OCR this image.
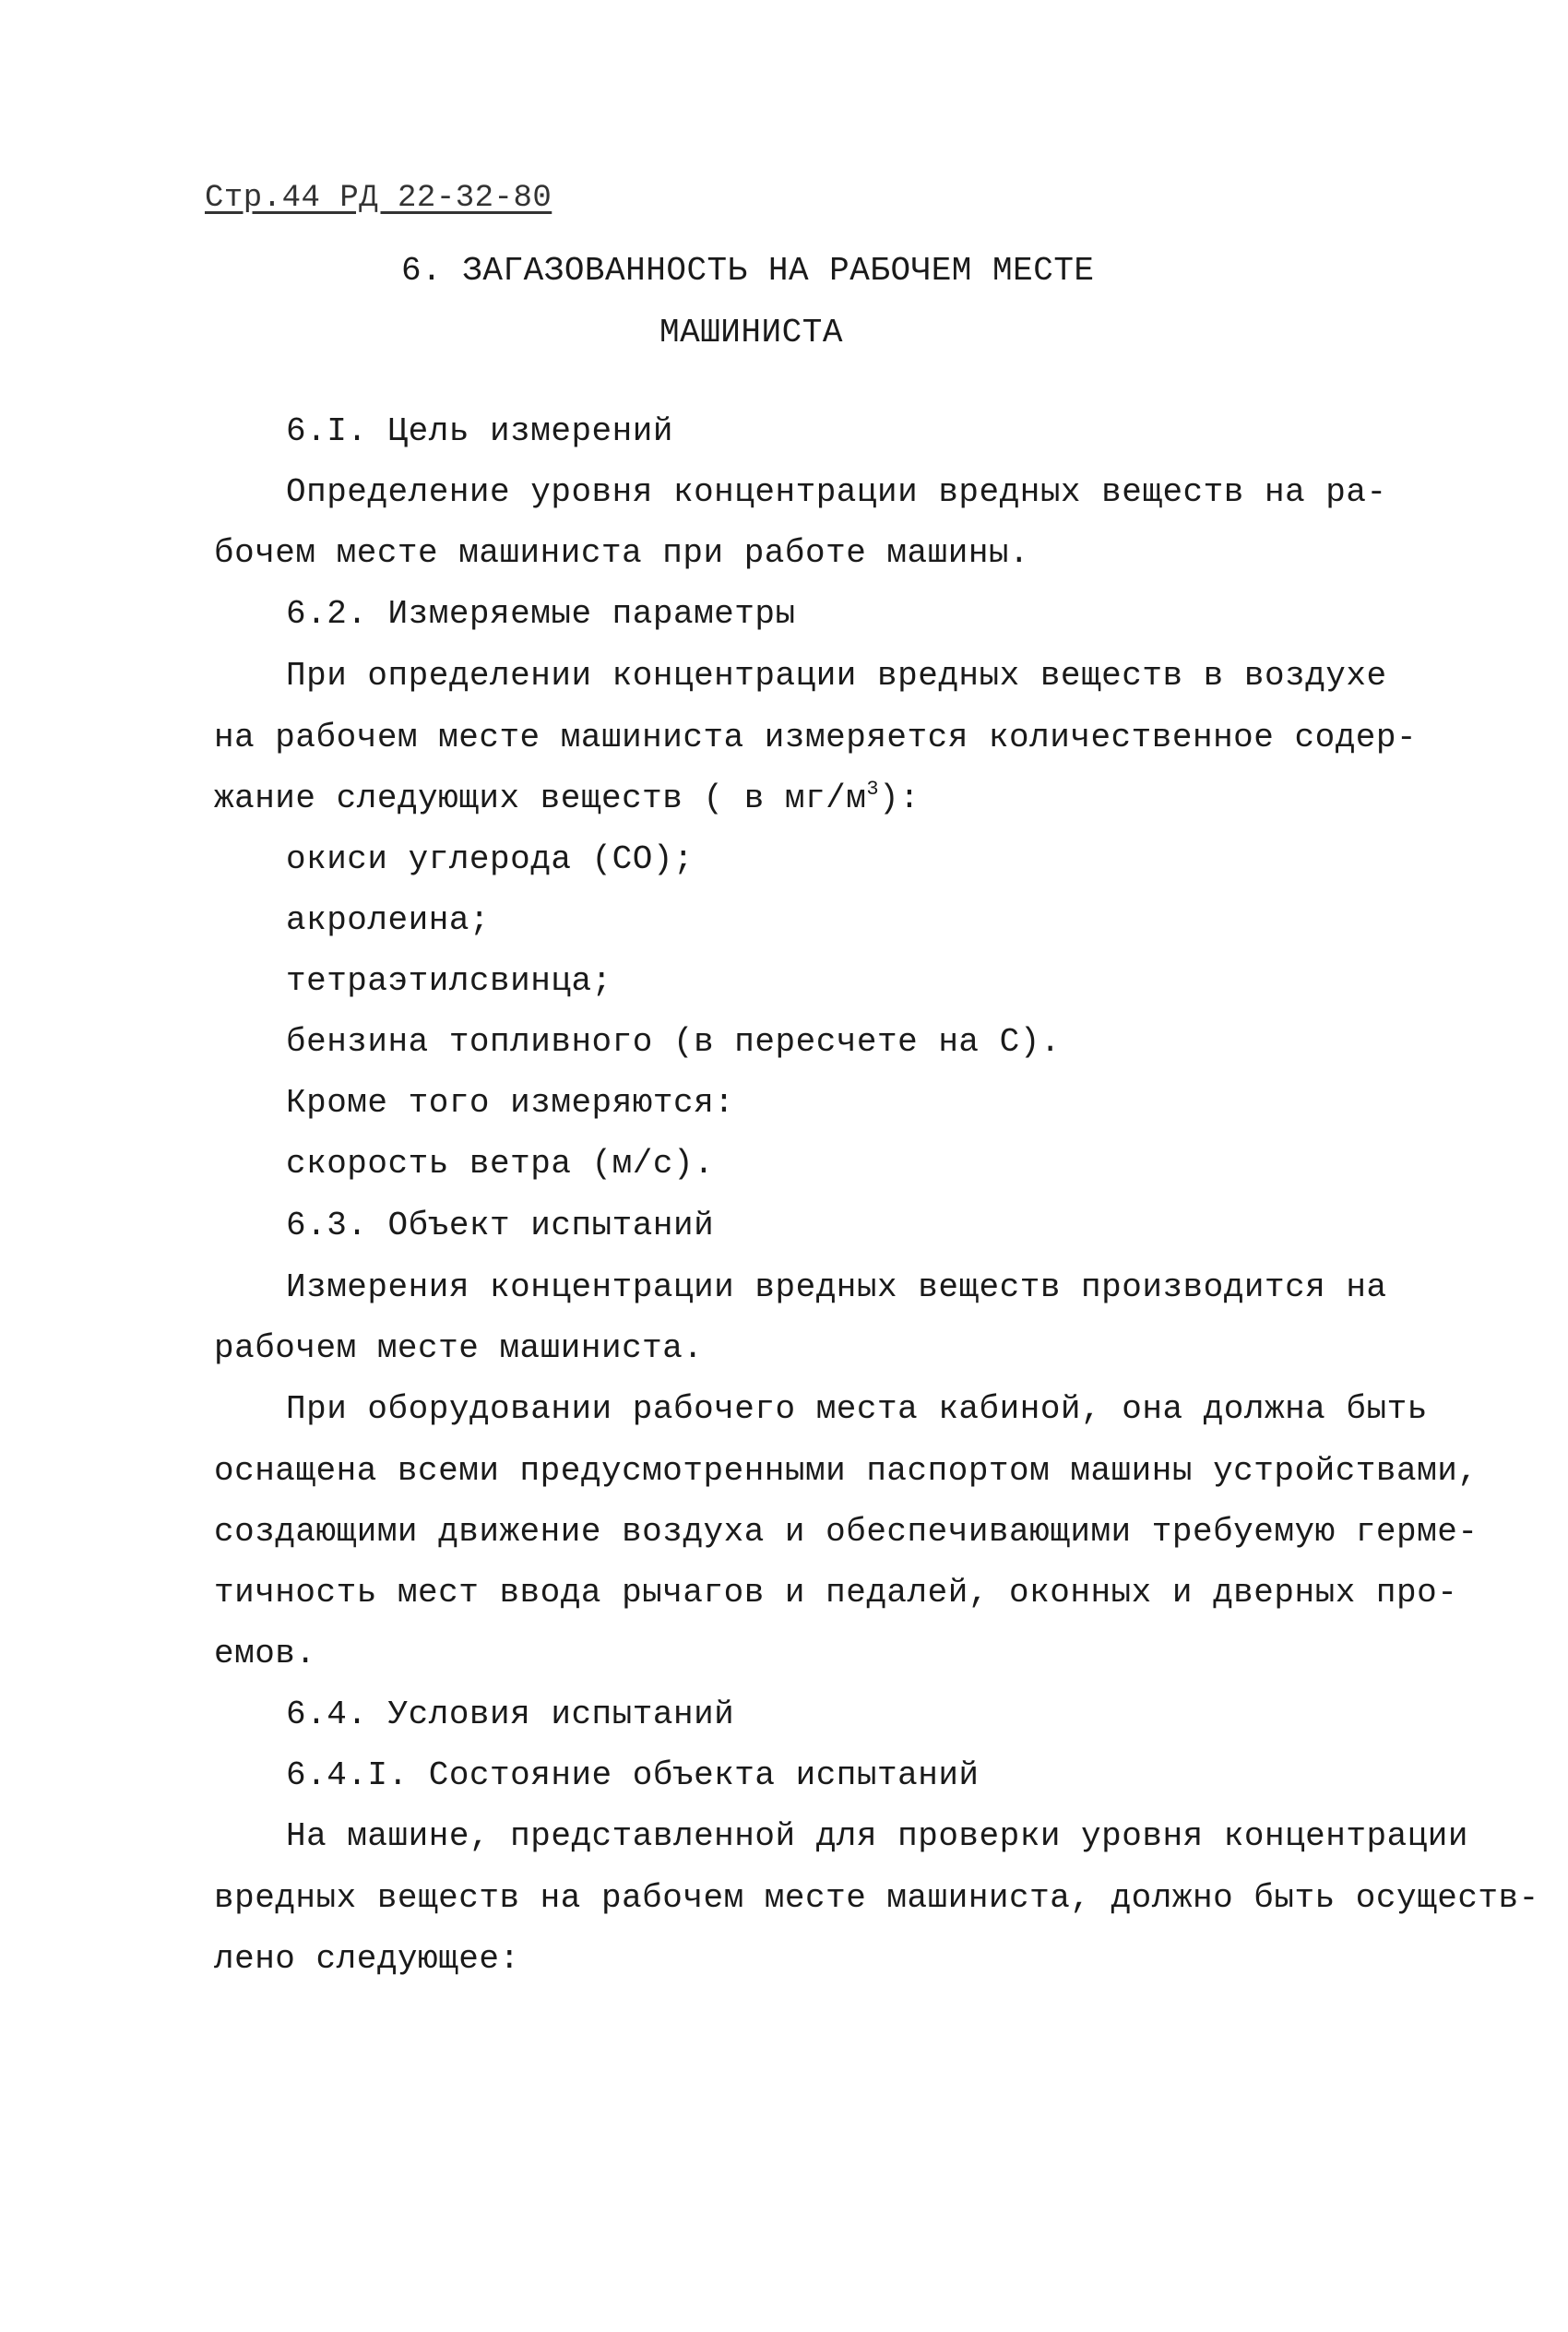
Стр.44 РД 22-32-80
6. ЗАГАЗОВАННОСТЬ НА РАБОЧЕМ МЕСТЕ
МАШИНИСТА
6.I. Цель измерений
Определение уровня концентрации вредных веществ на ра-
бочем месте машиниста при работе машины.
6.2. Измеряемые параметры
При определении концентрации вредных веществ в воздухе
на рабочем месте машиниста измеряется количественное содер-
жание следующих веществ ( в $мг/м^3$):
окиси углерода (СО);
акролеина;
тетраэтилсвинца;
бензина топливного (в пересчете на С).
Кроме того измеряются:
скорость ветра (м/с).
6.3. Объект испытаний
Измерения концентрации вредных веществ производится на
рабочем месте машиниста.
При оборудовании рабочего места кабиной, она должна быть
оснащена всеми предусмотренными паспортом машины устройствами,
создающими движение воздуха и обеспечивающими требуемую герме-
тичность мест ввода рычагов и педалей, оконных и дверных про-
емов.
6.4. Условия испытаний
6.4.I. Состояние объекта испытаний
На машине, представленной для проверки уровня концентрации
вредных веществ на рабочем месте машиниста, должно быть осуществ-
лено следующее:
